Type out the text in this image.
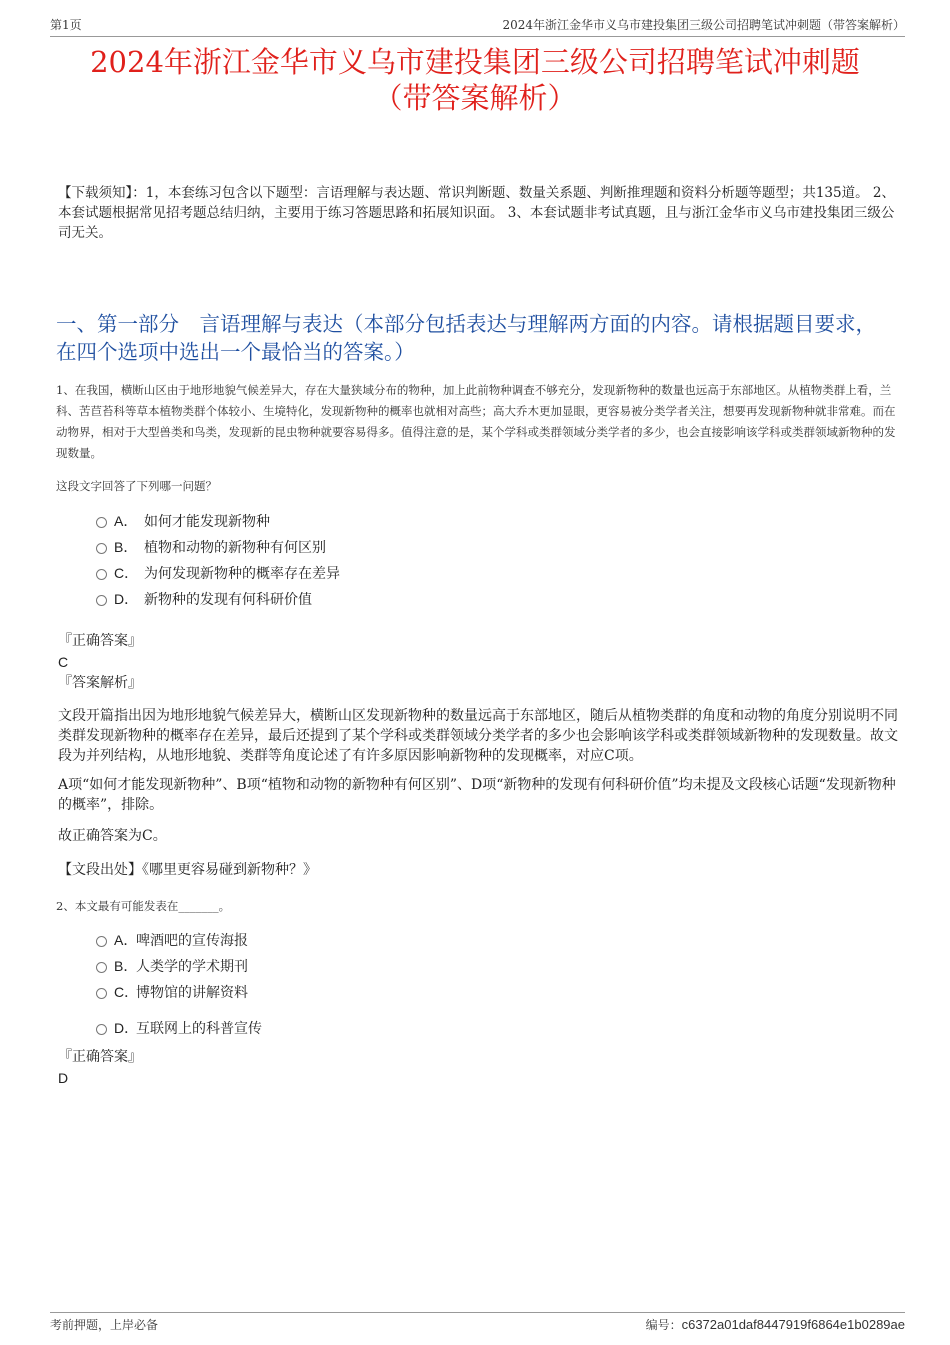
第1页	2024年浙江金华市义乌市建投集团三级公司招聘笔试冲刺题（带答案解析）
2024年浙江金华市义乌市建投集团三级公司招聘笔试冲刺题
（带答案解析）

【下载须知】：1，本套练习包含以下题型：言语理解与表达题、常识判断题、数量关系题、判断推理题和资料分析题等题型；共135道。 2、本套试题根据常见招考题总结归纳，主要用于练习答题思路和拓展知识面。 3、本套试题非考试真题，且与浙江金华市义乌市建投集团三级公司无关。

一、第一部分　言语理解与表达（本部分包括表达与理解两方面的内容。请根据题目要求，在四个选项中选出一个最恰当的答案。）

1、在我国，横断山区由于地形地貌气候差异大，存在大量狭域分布的物种，加上此前物种调查不够充分，发现新物种的数量也远高于东部地区。从植物类群上看，兰科、苦苣苔科等草本植物类群个体较小、生境特化，发现新物种的概率也就相对高些；高大乔木更加显眼，更容易被分类学者关注，想要再发现新物种就非常难。而在动物界，相对于大型兽类和鸟类，发现新的昆虫物种就要容易得多。值得注意的是，某个学科或类群领域分类学者的多少，也会直接影响该学科或类群领域新物种的发现数量。

这段文字回答了下列哪一问题？
A． 如何才能发现新物种
B． 植物和动物的新物种有何区别
C． 为何发现新物种的概率存在差异
D． 新物种的发现有何科研价值
『正确答案』
C
『答案解析』

文段开篇指出因为地形地貌气候差异大，横断山区发现新物种的数量远高于东部地区，随后从植物类群的角度和动物的角度分别说明不同类群发现新物种的概率存在差异，最后还提到了某个学科或类群领域分类学者的多少也会影响该学科或类群领域新物种的发现数量。故文段为并列结构，从地形地貌、类群等角度论述了有许多原因影响新物种的发现概率，对应C项。

A项“如何才能发现新物种”、B项“植物和动物的新物种有何区别”、D项“新物种的发现有何科研价值”均未提及文段核心话题“发现新物种的概率”，排除。

故正确答案为C。

【文段出处】《哪里更容易碰到新物种？》

2、本文最有可能发表在_______。

A．啤酒吧的宣传海报
B．人类学的学术期刊
C．博物馆的讲解资料
D．互联网上的科普宣传
『正确答案』
D
考前押题，上岸必备	编号：c6372a01daf8447919f6864e1b0289ae
